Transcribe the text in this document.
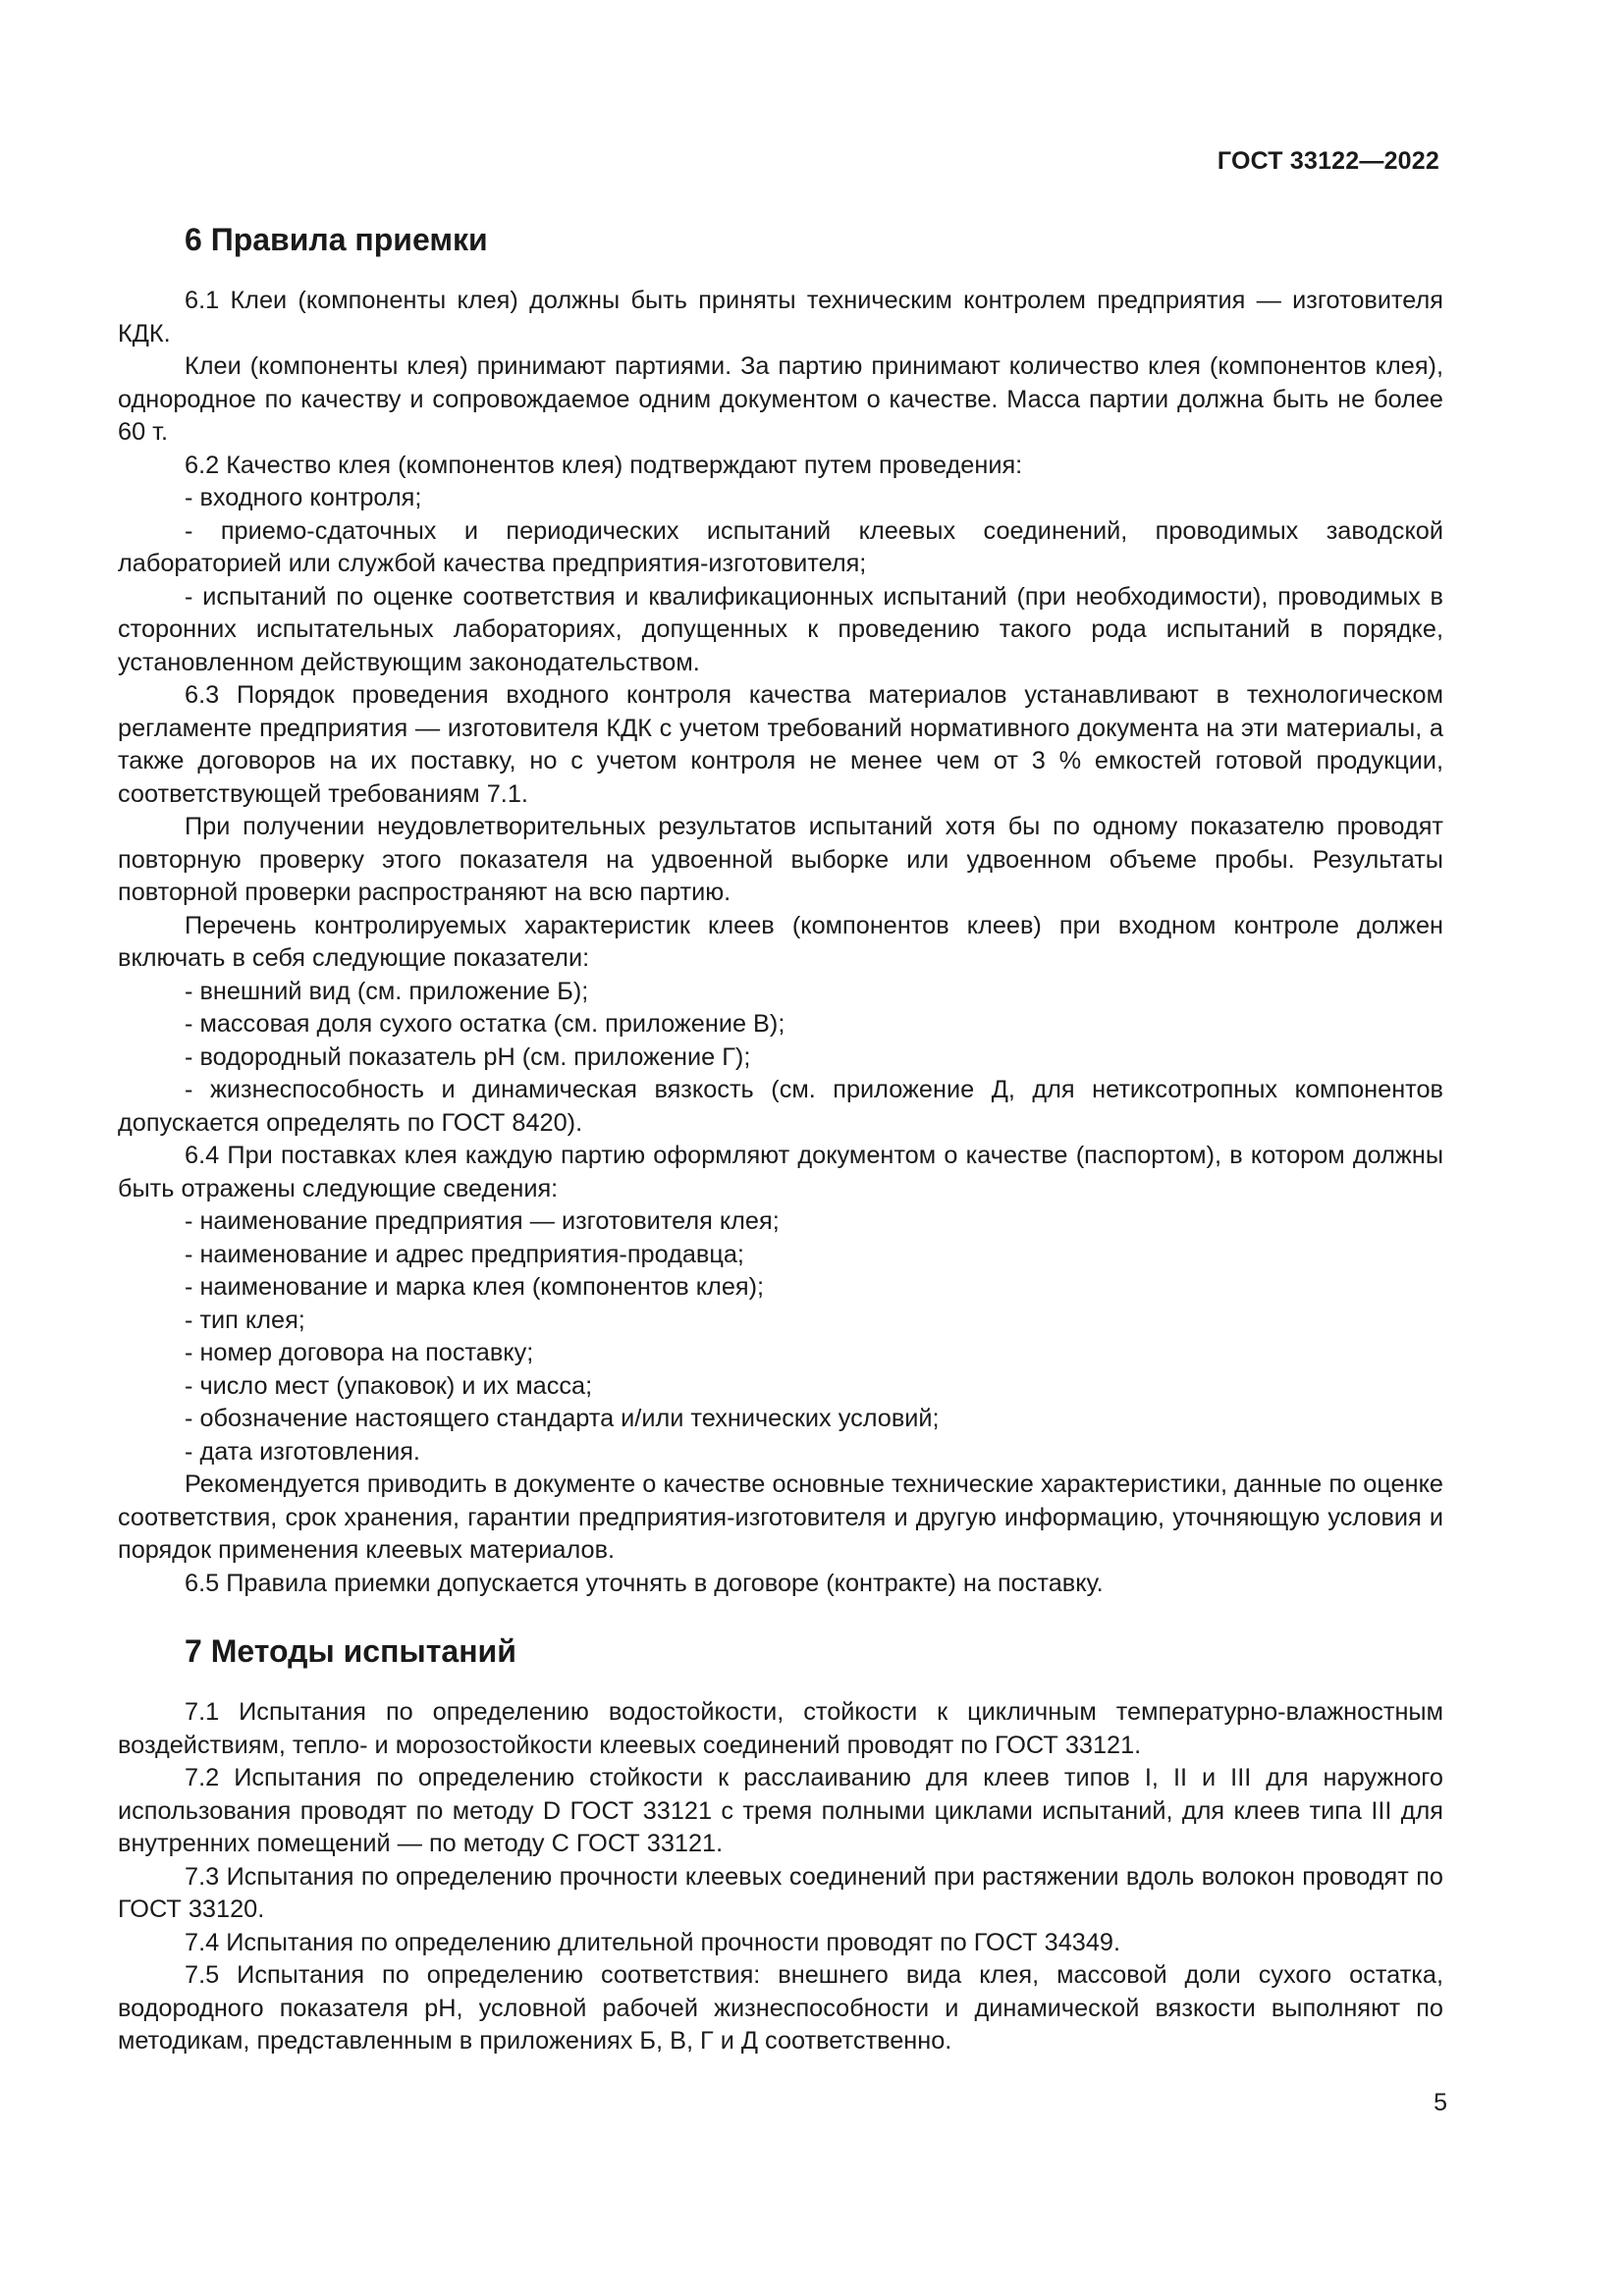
ГОСТ 33122—2022
6 Правила приемки

6.1 Клеи (компоненты клея) должны быть приняты техническим контролем предприятия — изготовителя КДК.

Клеи (компоненты клея) принимают партиями. За партию принимают количество клея (компонентов клея), однородное по качеству и сопровождаемое одним документом о качестве. Масса партии должна быть не более 60 т.

6.2 Качество клея (компонентов клея) подтверждают путем проведения:

- входного контроля;

- приемо-сдаточных и периодических испытаний клеевых соединений, проводимых заводской лабораторией или службой качества предприятия-изготовителя;

- испытаний по оценке соответствия и квалификационных испытаний (при необходимости), проводимых в сторонних испытательных лабораториях, допущенных к проведению такого рода испытаний в порядке, установленном действующим законодательством.

6.3 Порядок проведения входного контроля качества материалов устанавливают в технологическом регламенте предприятия — изготовителя КДК с учетом требований нормативного документа на эти материалы, а также договоров на их поставку, но с учетом контроля не менее чем от 3 % емкостей готовой продукции, соответствующей требованиям 7.1.

При получении неудовлетворительных результатов испытаний хотя бы по одному показателю проводят повторную проверку этого показателя на удвоенной выборке или удвоенном объеме пробы. Результаты повторной проверки распространяют на всю партию.

Перечень контролируемых характеристик клеев (компонентов клеев) при входном контроле должен включать в себя следующие показатели:

- внешний вид (см. приложение Б);

- массовая доля сухого остатка (см. приложение В);

- водородный показатель pH (см. приложение Г);

- жизнеспособность и динамическая вязкость (см. приложение Д, для нетиксотропных компонентов допускается определять по ГОСТ 8420).

6.4 При поставках клея каждую партию оформляют документом о качестве (паспортом), в котором должны быть отражены следующие сведения:

- наименование предприятия — изготовителя клея;

- наименование и адрес предприятия-продавца;

- наименование и марка клея (компонентов клея);

- тип клея;

- номер договора на поставку;

- число мест (упаковок) и их масса;

- обозначение настоящего стандарта и/или технических условий;

- дата изготовления.

Рекомендуется приводить в документе о качестве основные технические характеристики, данные по оценке соответствия, срок хранения, гарантии предприятия-изготовителя и другую информацию, уточняющую условия и порядок применения клеевых материалов.

6.5 Правила приемки допускается уточнять в договоре (контракте) на поставку.

7 Методы испытаний

7.1 Испытания по определению водостойкости, стойкости к цикличным температурно-влажностным воздействиям, тепло- и морозостойкости клеевых соединений проводят по ГОСТ 33121.

7.2 Испытания по определению стойкости к расслаиванию для клеев типов I, II и III для наружного использования проводят по методу D ГОСТ 33121 с тремя полными циклами испытаний, для клеев типа III для внутренних помещений — по методу C ГОСТ 33121.

7.3 Испытания по определению прочности клеевых соединений при растяжении вдоль волокон проводят по ГОСТ 33120.

7.4 Испытания по определению длительной прочности проводят по ГОСТ 34349.

7.5 Испытания по определению соответствия: внешнего вида клея, массовой доли сухого остатка, водородного показателя pH, условной рабочей жизнеспособности и динамической вязкости выполняют по методикам, представленным в приложениях Б, В, Г и Д соответственно.

5
